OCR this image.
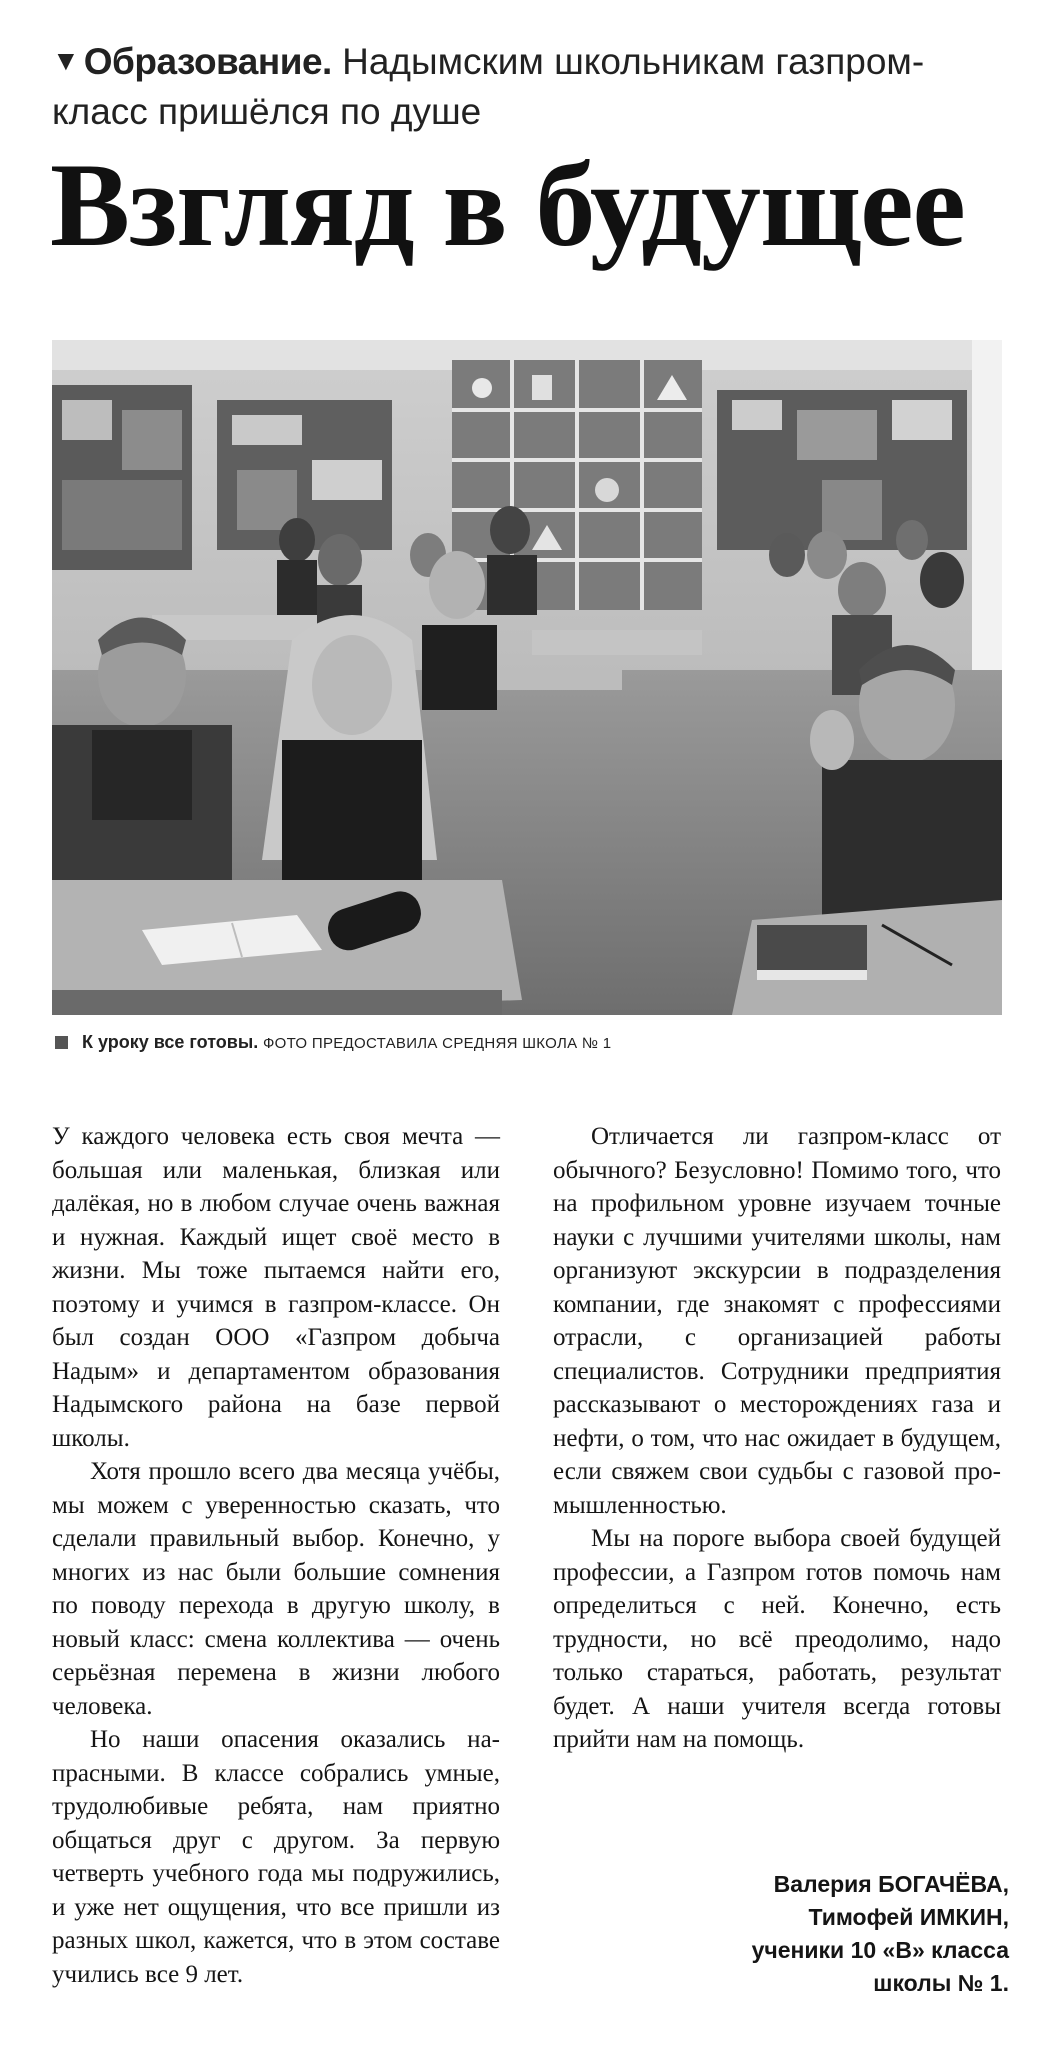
▼ Образование. Надымским школьникам газпром-класс пришёлся по душе
Взгляд в будущее
К уроку все готовы. ФОТО ПРЕДОСТАВИЛА СРЕДНЯЯ ШКОЛА № 1

У каждого человека есть своя мечта — большая или маленькая, близкая или далёкая, но в любом случае очень важная и нужная. Каждый ищет своё место в жизни. Мы тоже пытаемся найти его, поэтому и учимся в газпром-классе. Он был создан ООО «Газпром добыча Надым» и департаментом образования Надымского района на базе первой школы.

Хотя прошло всего два месяца учёбы, мы можем с уверенностью сказать, что сделали правильный выбор. Конечно, у многих из нас были большие сомнения по поводу перехода в другую школу, в новый класс: смена коллектива — очень серьёзная перемена в жизни любого человека.

Но наши опасения оказались напрасными. В классе собрались умные, трудолюбивые ребята, нам приятно общаться друг с другом. За первую четверть учебного года мы подружились, и уже нет ощущения, что все пришли из разных школ, кажется, что в этом составе учились все 9 лет.

Отличается ли газпром-класс от обычного? Безусловно! Помимо того, что на профильном уровне изучаем точные науки с лучшими учителями школы, нам организуют экскурсии в подразделения компании, где знакомят с профессиями отрасли, с организацией работы специалистов. Сотрудники предприятия рассказывают о месторождениях газа и нефти, о том, что нас ожидает в будущем, если свяжем свои судьбы с газовой промышленностью.

Мы на пороге выбора своей будущей профессии, а Газпром готов помочь нам определиться с ней. Конечно, есть трудности, но всё преодолимо, надо только стараться, работать, результат будет. А наши учителя всегда готовы прийти нам на помощь.

Валерия БОГАЧЁВА,
Тимофей ИМКИН,
ученики 10 «В» класса
школы № 1.
